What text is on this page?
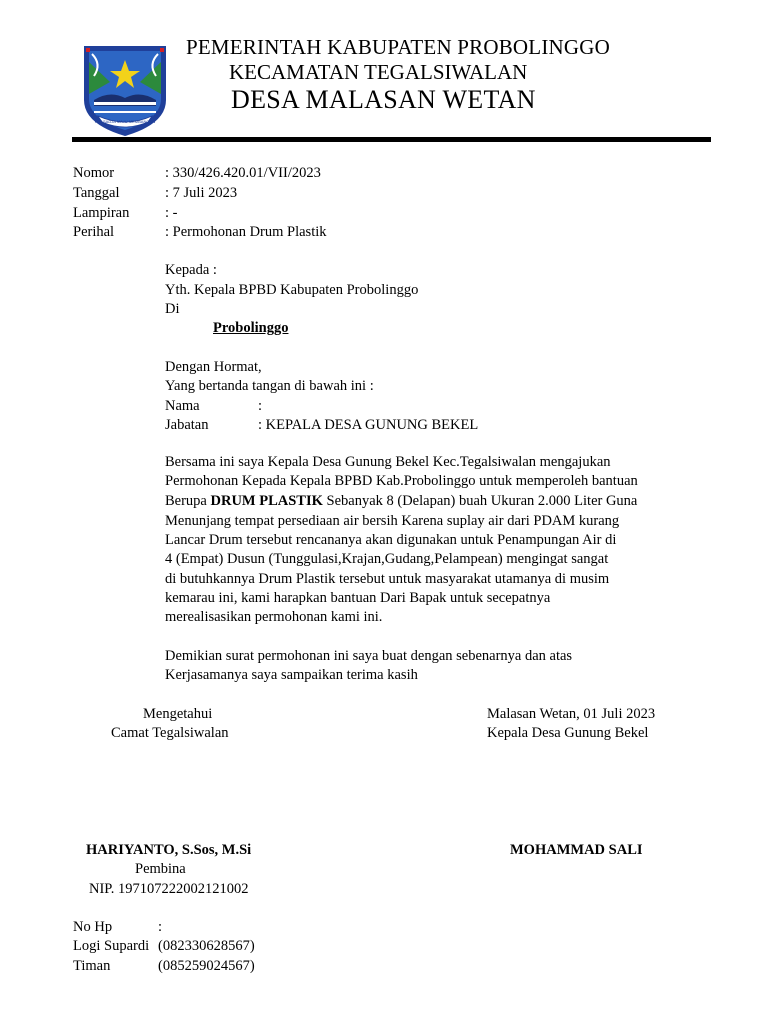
PRASADJA MAJU MEMBANGUN
PEMERINTAH KABUPATEN PROBOLINGGO
KECAMATAN TEGALSIWALAN
DESA MALASAN WETAN
Nomor	: 330/426.420.01/VII/2023
Tanggal	: 7 Juli 2023
Lampiran : -
Perihal	: Permohonan Drum Plastik
Kepada :
Yth. Kepala BPBD Kabupaten Probolinggo
Di
Probolinggo
Dengan Hormat,
Yang bertanda tangan di bawah ini :
Nama	:
Jabatan	: KEPALA DESA GUNUNG BEKEL
Bersama ini saya Kepala Desa Gunung Bekel Kec.Tegalsiwalan mengajukan
Permohonan Kepada Kepala BPBD Kab.Probolinggo untuk memperoleh bantuan
Berupa DRUM PLASTIK Sebanyak 8 (Delapan) buah Ukuran 2.000 Liter Guna
Menunjang tempat persediaan air bersih Karena suplay air dari PDAM kurang
Lancar Drum tersebut rencananya akan digunakan untuk Penampungan Air di
4 (Empat) Dusun (Tunggulasi,Krajan,Gudang,Pelampean) mengingat sangat
di butuhkannya Drum Plastik tersebut untuk masyarakat utamanya di musim
kemarau ini, kami harapkan bantuan Dari Bapak untuk secepatnya
merealisasikan permohonan kami ini.
Demikian surat permohonan ini saya buat dengan sebenarnya dan atas
Kerjasamanya saya sampaikan terima kasih
Mengetahui
Camat Tegalsiwalan
Malasan Wetan, 01 Juli 2023
Kepala Desa Gunung Bekel
HARIYANTO, S.Sos, M.Si
Pembina
NIP. 197107222002121002
MOHAMMAD SALI
No Hp	:
Logi Supardi (082330628567)
Timan	(085259024567)
